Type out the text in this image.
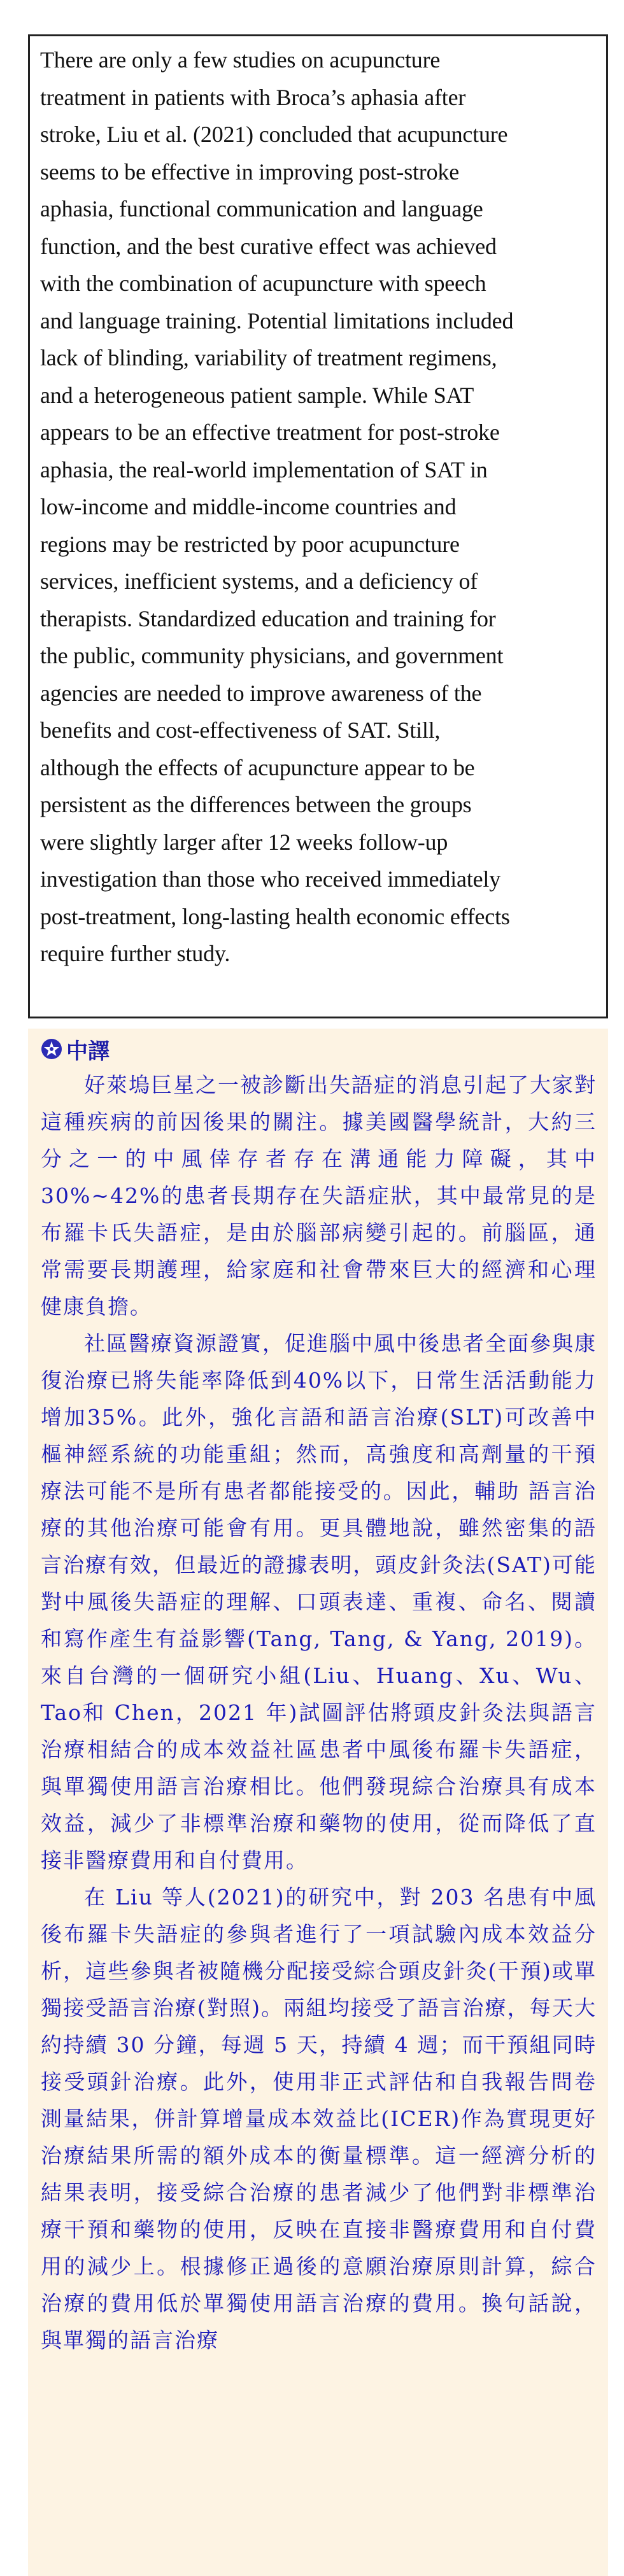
There are only a few studies on acupuncture
treatment in patients with Broca’s aphasia after
stroke, Liu et al. (2021) concluded that acupuncture
seems to be effective in improving post-stroke
aphasia, functional communication and language
function, and the best curative effect was achieved
with the combination of acupuncture with speech
and language training. Potential limitations included
lack of blinding, variability of treatment regimens,
and a heterogeneous patient sample. While SAT
appears to be an effective treatment for post-stroke
aphasia, the real-world implementation of SAT in
low-income and middle-income countries and
regions may be restricted by poor acupuncture
services, inefficient systems, and a deficiency of
therapists. Standardized education and training for
the public, community physicians, and government
agencies are needed to improve awareness of the
benefits and cost-effectiveness of SAT. Still,
although the effects of acupuncture appear to be
persistent as the differences between the groups
were slightly larger after 12 weeks follow-up
investigation than those who received immediately
post-treatment, long-lasting health economic effects
require further study.

中譯

好萊塢巨星之一被診斷出失語症的消息引起了大家對這種疾病的前因後果的關注。據美國醫學統計，大約三分之一的中風倖存者存在溝通能力障礙，其中30%~42%的患者長期存在失語症狀，其中最常見的是布羅卡氏失語症，是由於腦部病變引起的。前腦區，通常需要長期護理，給家庭和社會帶來巨大的經濟和心理健康負擔。

社區醫療資源證實，促進腦中風中後患者全面參與康復治療已將失能率降低到40%以下，日常生活活動能力增加35%。此外，強化言語和語言治療(SLT)可改善中樞神經系統的功能重組；然而，高強度和高劑量的干預療法可能不是所有患者都能接受的。因此，輔助 語言治療的其他治療可能會有用。更具體地說，雖然密集的語言治療有效，但最近的證據表明，頭皮針灸法(SAT)可能對中風後失語症的理解、口頭表達、重複、命名、閱讀和寫作產生有益影響(Tang, Tang, & Yang, 2019)。來自台灣的一個研究小組(Liu、Huang、Xu、Wu、Tao和 Chen，2021 年)試圖評估將頭皮針灸法與語言治療相結合的成本效益社區患者中風後布羅卡失語症，與單獨使用語言治療相比。他們發現綜合治療具有成本效益，減少了非標準治療和藥物的使用，從而降低了直接非醫療費用和自付費用。

在 Liu 等人(2021)的研究中，對 203 名患有中風後布羅卡失語症的參與者進行了一項試驗內成本效益分析，這些參與者被隨機分配接受綜合頭皮針灸(干預)或單獨接受語言治療(對照)。兩組均接受了語言治療，每天大約持續 30 分鐘，每週 5 天，持續 4 週；而干預組同時接受頭針治療。此外，使用非正式評估和自我報告問卷測量結果，併計算增量成本效益比(ICER)作為實現更好治療結果所需的額外成本的衡量標準。這一經濟分析的結果表明，接受綜合治療的患者減少了他們對非標準治療干預和藥物的使用，反映在直接非醫療費用和自付費用的減少上。根據修正過後的意願治療原則計算，綜合治療的費用低於單獨使用語言治療的費用。換句話說，與單獨的語言治療
